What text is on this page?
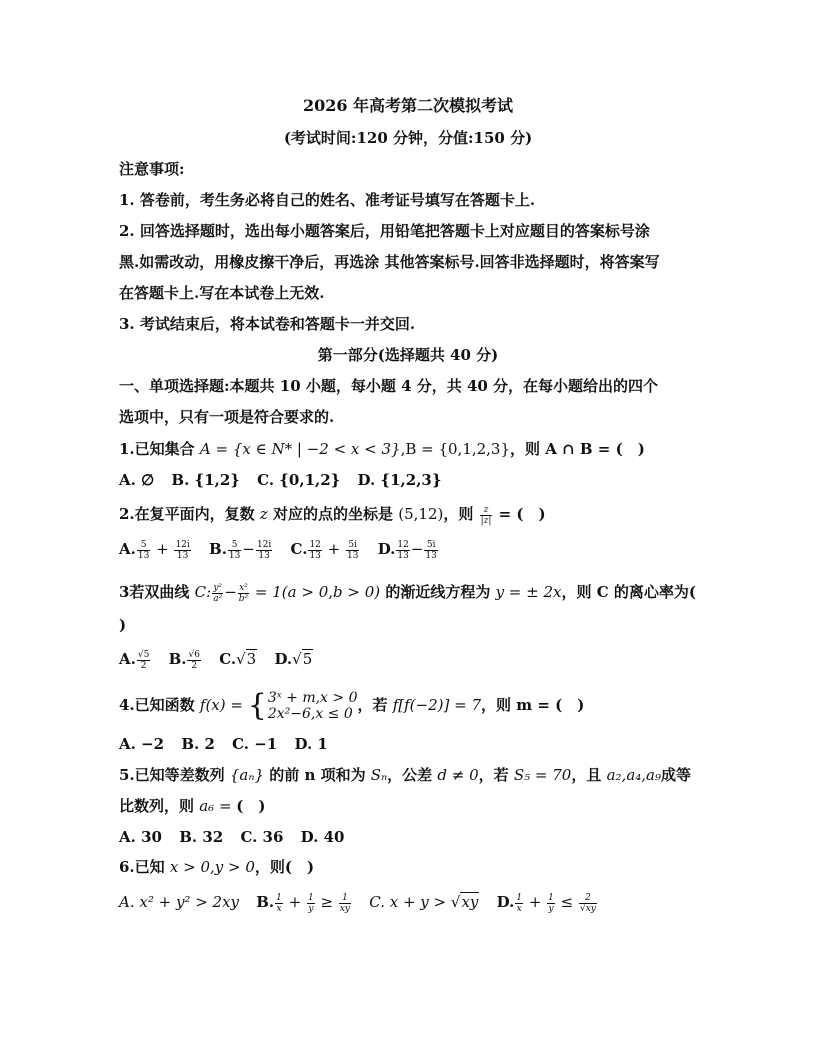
2026 年高考第二次模拟考试
(考试时间:120 分钟，分值:150 分)
注意事项:
1. 答卷前，考生务必将自己的姓名、准考证号填写在答题卡上.
2. 回答选择题时，选出每小题答案后，用铅笔把答题卡上对应题目的答案标号涂
黑.如需改动，用橡皮擦干净后，再选涂 其他答案标号.回答非选择题时，将答案写
在答题卡上.写在本试卷上无效.
3. 考试结束后，将本试卷和答题卡一并交回.
第一部分(选择题共 40 分)
一、单项选择题:本题共 10 小题，每小题 4 分，共 40 分，在每小题给出的四个
选项中，只有一项是符合要求的.
1.已知集合 A = {x ∈ N* | −2 < x < 3},B = {0,1,2,3}，则 A ∩ B = (　)
A. ∅ B. {1,2} C. {0,1,2} D. {1,2,3}
2.在复平面内，复数 z 对应的点的坐标是 (5,12)，则 $\frac{z}{|z|}$ = (　)
A. $\frac{5}{13} + \frac{12i}{13} B$. $\frac{5}{13} - \frac{12i}{13} C$. $\frac{12}{13} + \frac{5i}{13} D$. $\frac{12}{13} - \frac{5i}{13}$
3若双曲线 C: $\frac{\text{y²}}{\text{a²}} - \frac{\text{x²}}{\text{b²}} = 1(a > 0,b > 0)$ 的渐近线方程为 y = ± 2x，则 C 的离心率为(
)
A. $\frac{√5}{2} B$. $\frac{√6}{2} C.√3$ D.√5
4.已知函数 f(x) = { 3ˣ + m,x > 0
2x²−6,x ≤ 0 ，若 f[f(−2)] = 7，则 m = (　)
A. −2 B. 2 C. −1 D. 1
5.已知等差数列 {aₙ} 的前 n 项和为 Sₙ，公差 d ≠ 0，若 S₅ = 70，且 a₂,a₄,a₉成等
比数列，则 a₆ = (　)
A. 30 B. 32 C. 36 D. 40
6.已知 x > 0,y > 0，则(　)
A. x² + y² > 2xy B. $\frac{1}{x} + \frac{1}{y} \ge \frac{1}{xy} C$. x + y > √xy D. $\frac{1}{x} + \frac{1}{y} \le \frac{2}{√xy}$
